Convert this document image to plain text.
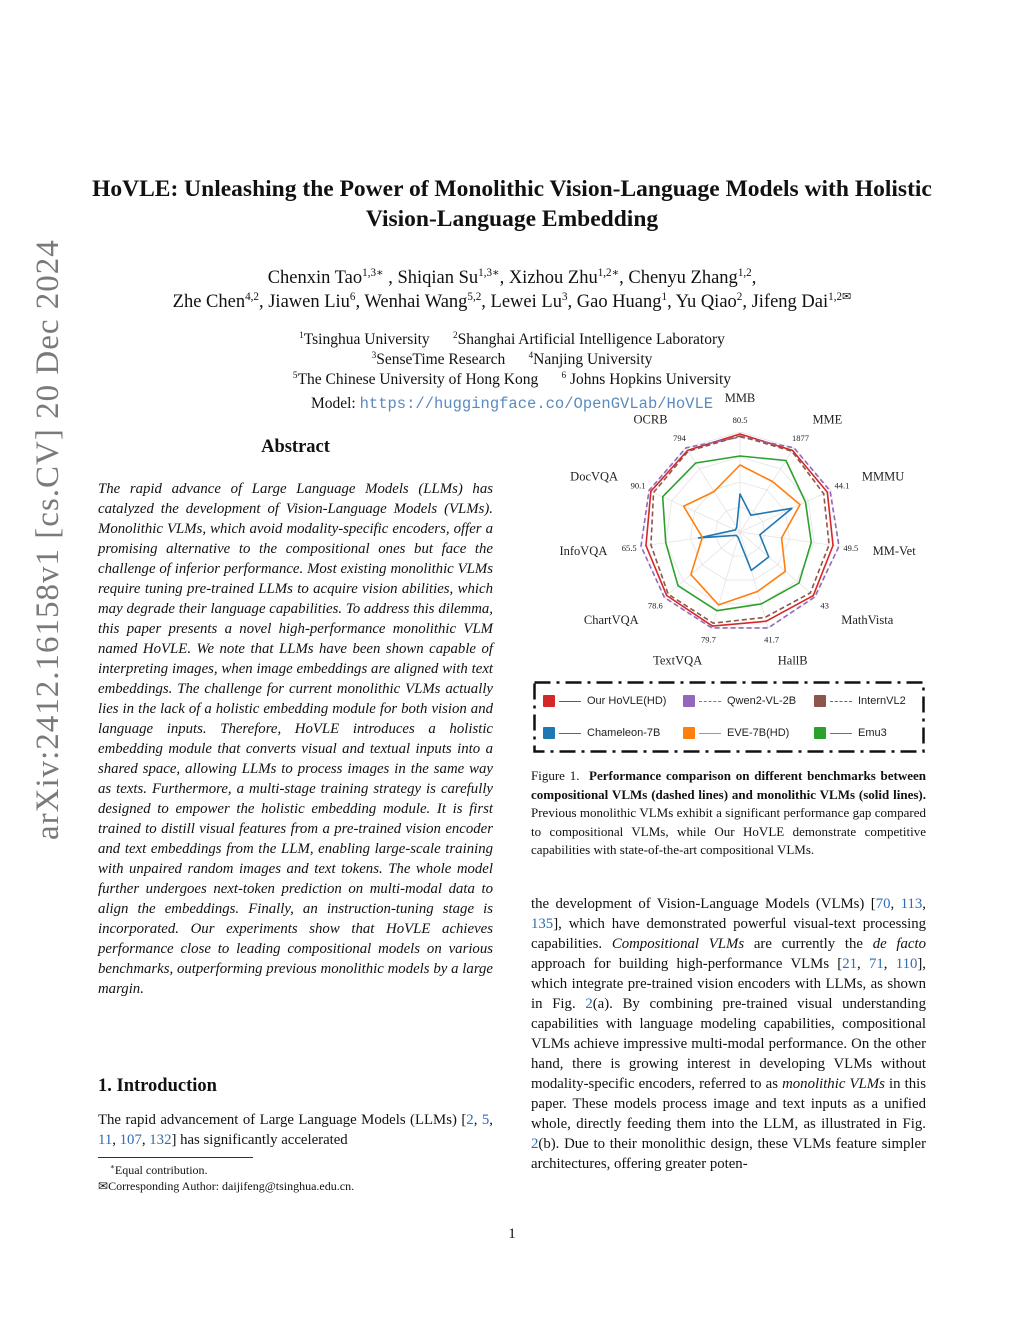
arXiv:2412.16158v1 [cs.CV] 20 Dec 2024
HoVLE: Unleashing the Power of Monolithic Vision-Language Models with Holistic Vision-Language Embedding
Chenxin Tao$^{1,3∗}$ , Shiqian $Su^{1,3∗}$, Xizhou Zhu$^{1,2∗}$, Chenyu Zhang$^{1,2}$,
Zhe Chen$^{4,2}$, Jiawen Liu$^6$, Wenhai Wang$^{5,2}$, Lewei Lu$^3$, Gao Huang$^1$, Yu Qiao$^2$, Jifeng Dai$^{1,2✉}$
$^1$Tsinghua University	$^2$Shanghai Artificial Intelligence Laboratory
$^3$SenseTime Research	$^4$Nanjing University
$^5$The Chinese University of Hong Kong	$^6$ Johns Hopkins University
Model: https://huggingface.co/OpenGVLab/HoVLE
Abstract
The rapid advance of Large Language Models (LLMs) has catalyzed the development of Vision-Language Models (VLMs). Monolithic VLMs, which avoid modality-specific encoders, offer a promising alternative to the compositional ones but face the challenge of inferior performance. Most existing monolithic VLMs require tuning pre-trained LLMs to acquire vision abilities, which may degrade their language capabilities. To address this dilemma, this paper presents a novel high-performance monolithic VLM named HoVLE. We note that LLMs have been shown capable of interpreting images, when image embeddings are aligned with text embeddings. The challenge for current monolithic VLMs actually lies in the lack of a holistic embedding module for both vision and language inputs. Therefore, HoVLE introduces a holistic embedding module that converts visual and textual inputs into a shared space, allowing LLMs to process images in the same way as texts. Furthermore, a multi-stage training strategy is carefully designed to empower the holistic embedding module. It is first trained to distill visual features from a pre-trained vision encoder and text embeddings from the LLM, enabling large-scale training with unpaired random images and text tokens. The whole model further undergoes next-token prediction on multi-modal data to align the embeddings. Finally, an instruction-tuning stage is incorporated. Our experiments show that HoVLE achieves performance close to leading compositional models on various benchmarks, outperforming previous monolithic models by a large margin.
1. Introduction
The rapid advancement of Large Language Models (LLMs) [2, 5, 11, 107, 132] has significantly accelerated
∗Equal contribution.
✉Corresponding Author: daijifeng@tsinghua.edu.cn.
MMB
80.5	MME
1877
MMMU
44.1
MM-Vet
49.5
MathVista
43
HallB
41.7
TextVQA
79.7
ChartVQA
78.6
InfoVQA 65.5
DocVQA
90.1
OCRB
794
Our HoVLE(HD)	Qwen2-VL-2B	InternVL2
Chameleon-7B	EVE-7B(HD)	Emu3
Figure 1. Performance comparison on different benchmarks between compositional VLMs (dashed lines) and monolithic VLMs (solid lines). Previous monolithic VLMs exhibit a significant performance gap compared to compositional VLMs, while Our HoVLE demonstrate competitive capabilities with state-of-the-art compositional VLMs.
the development of Vision-Language Models (VLMs) [70, 113, 135], which have demonstrated powerful visual-text processing capabilities. Compositional VLMs are currently the de facto approach for building high-performance VLMs [21, 71, 110], which integrate pre-trained vision encoders with LLMs, as shown in Fig. 2(a). By combining pre-trained visual understanding capabilities with language modeling capabilities, compositional VLMs achieve impressive multi-modal performance. On the other hand, there is growing interest in developing VLMs without modality-specific encoders, referred to as monolithic VLMs in this paper. These models process image and text inputs as a unified whole, directly feeding them into the LLM, as illustrated in Fig. 2(b). Due to their monolithic design, these VLMs feature simpler architectures, offering greater poten-
1
